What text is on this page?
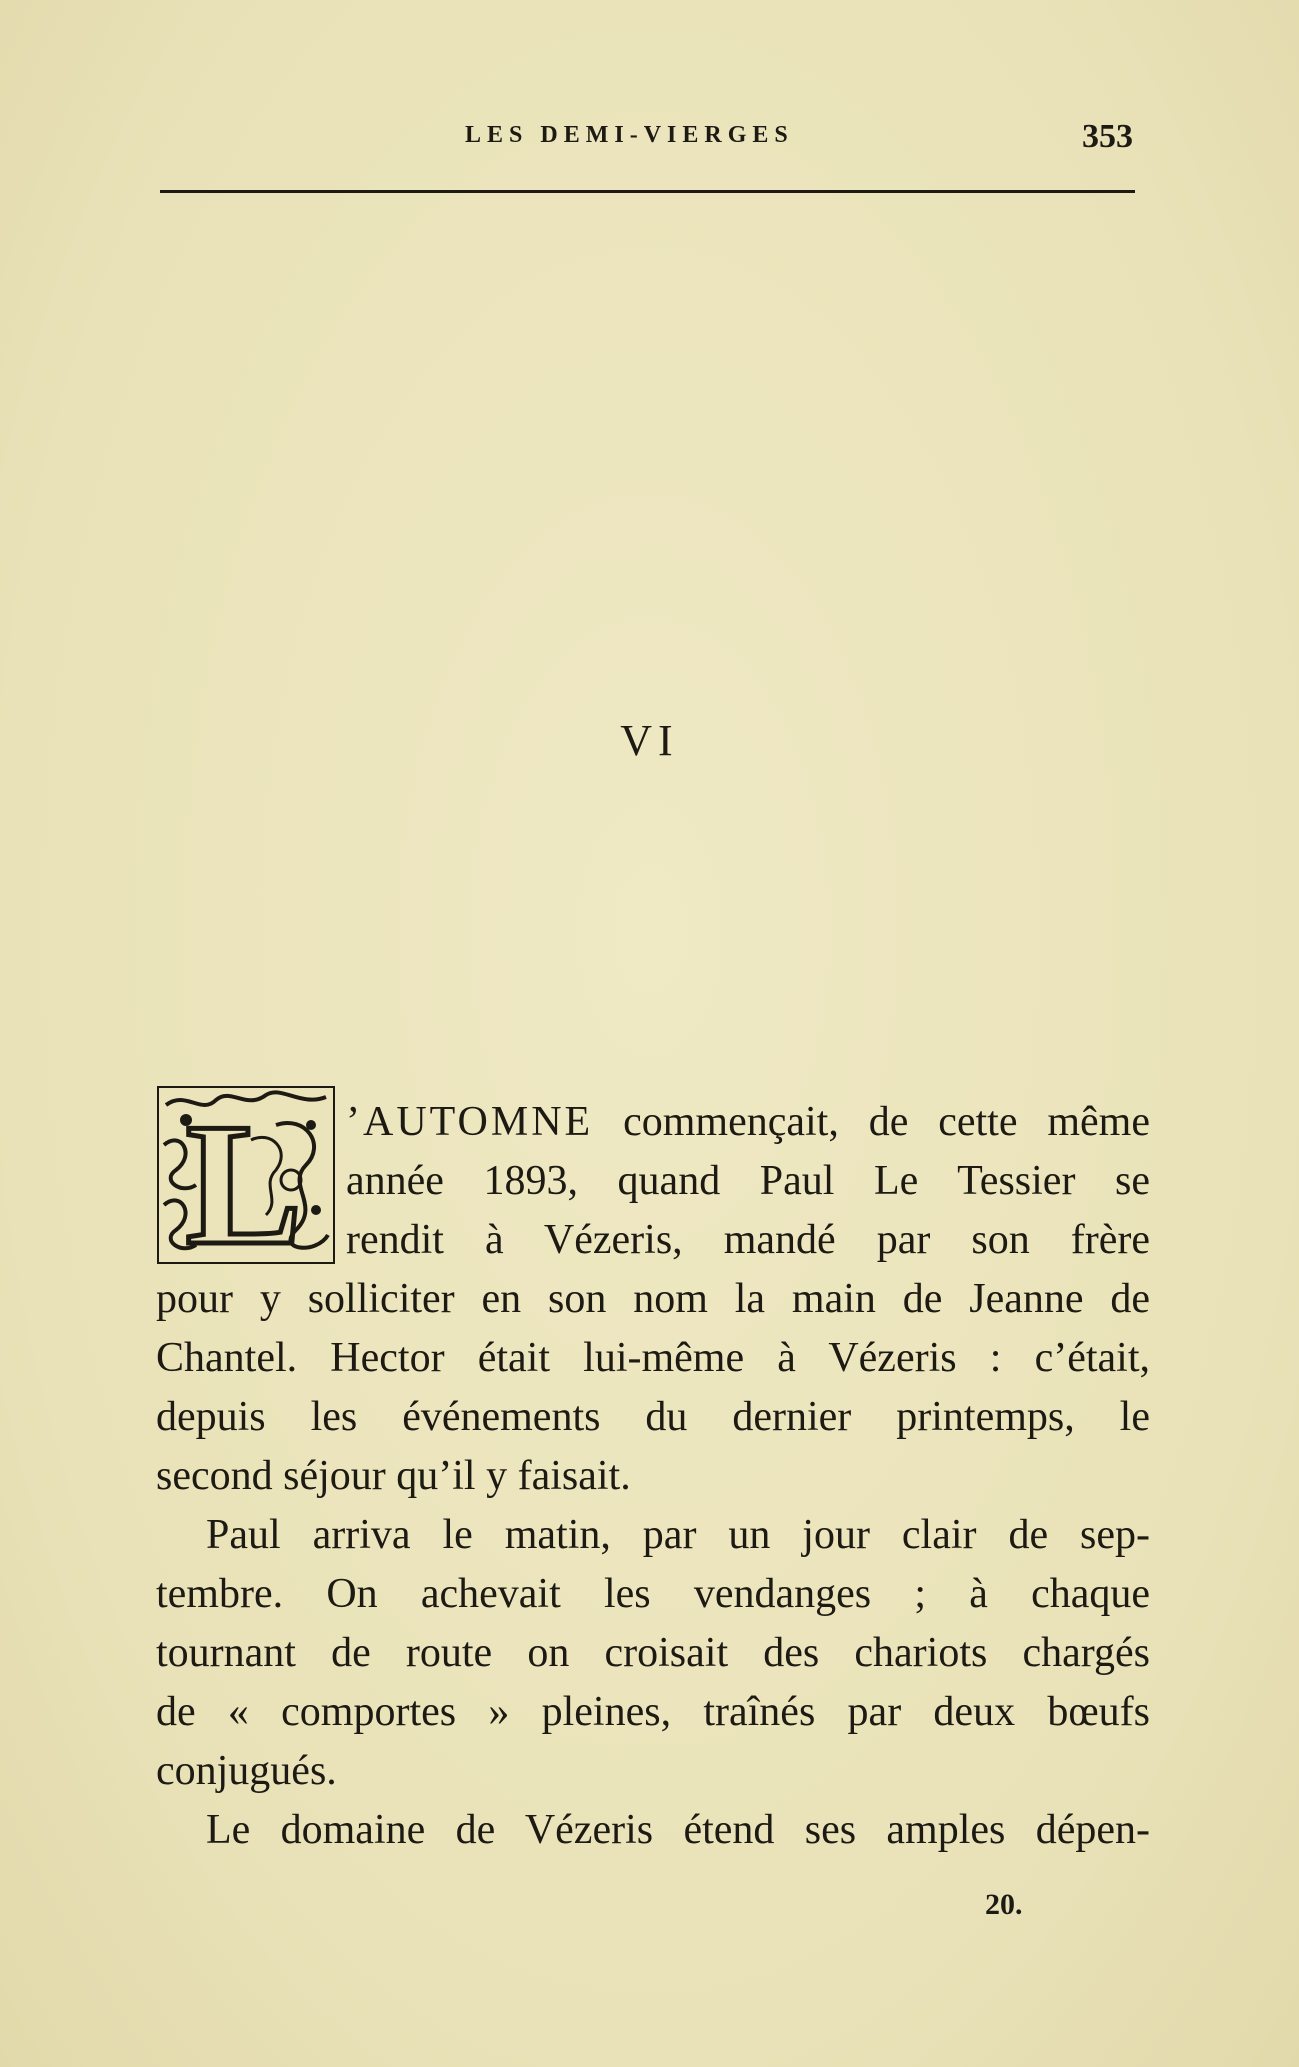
LES DEMI-VIERGES	353
VI
L	’AUTOMNE commençait, de cette même
année 1893, quand Paul Le Tessier se
rendit à Vézeris, mandé par son frère
pour y solliciter en son nom la main de Jeanne de
Chantel. Hector était lui-même à Vézeris : c’était,
depuis les événements du dernier printemps, le
second séjour qu’il y faisait.
Paul arriva le matin, par un jour clair de sep-
tembre. On achevait les vendanges ; à chaque
tournant de route on croisait des chariots chargés
de « comportes » pleines, traînés par deux bœufs
conjugués.
Le domaine de Vézeris étend ses amples dépen-
20.
